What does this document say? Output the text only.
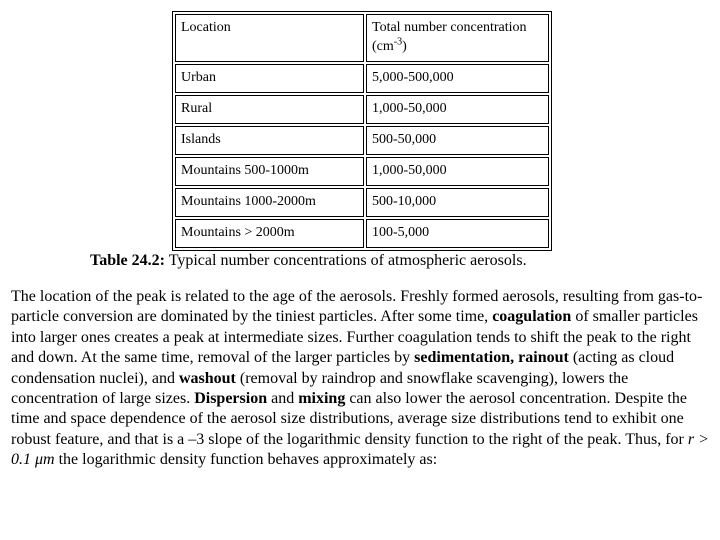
Location	Total number concentration $(cm^{-3})$
Urban	5,000-500,000
Rural	1,000-50,000
Islands	500-50,000
Mountains 500-1000m	1,000-50,000
Mountains 1000-2000m	500-10,000
Mountains > 2000m	100-5,000
Table 24.2: Typical number concentrations of atmospheric aerosols.

The location of the peak is related to the age of the aerosols. Freshly formed aerosols, resulting from gas-to-particle conversion are dominated by the tiniest particles. After some time, coagulation of smaller particles into larger ones creates a peak at intermediate sizes. Further coagulation tends to shift the peak to the right and down. At the same time, removal of the larger particles by sedimentation, rainout (acting as cloud condensation nuclei), and washout (removal by raindrop and snowflake scavenging), lowers the concentration of large sizes. Dispersion and mixing can also lower the aerosol concentration. Despite the time and space dependence of the aerosol size distributions, average size distributions tend to exhibit one robust feature, and that is a –3 slope of the logarithmic density function to the right of the peak. Thus, for r > 0.1 μm the logarithmic density function behaves approximately as:
